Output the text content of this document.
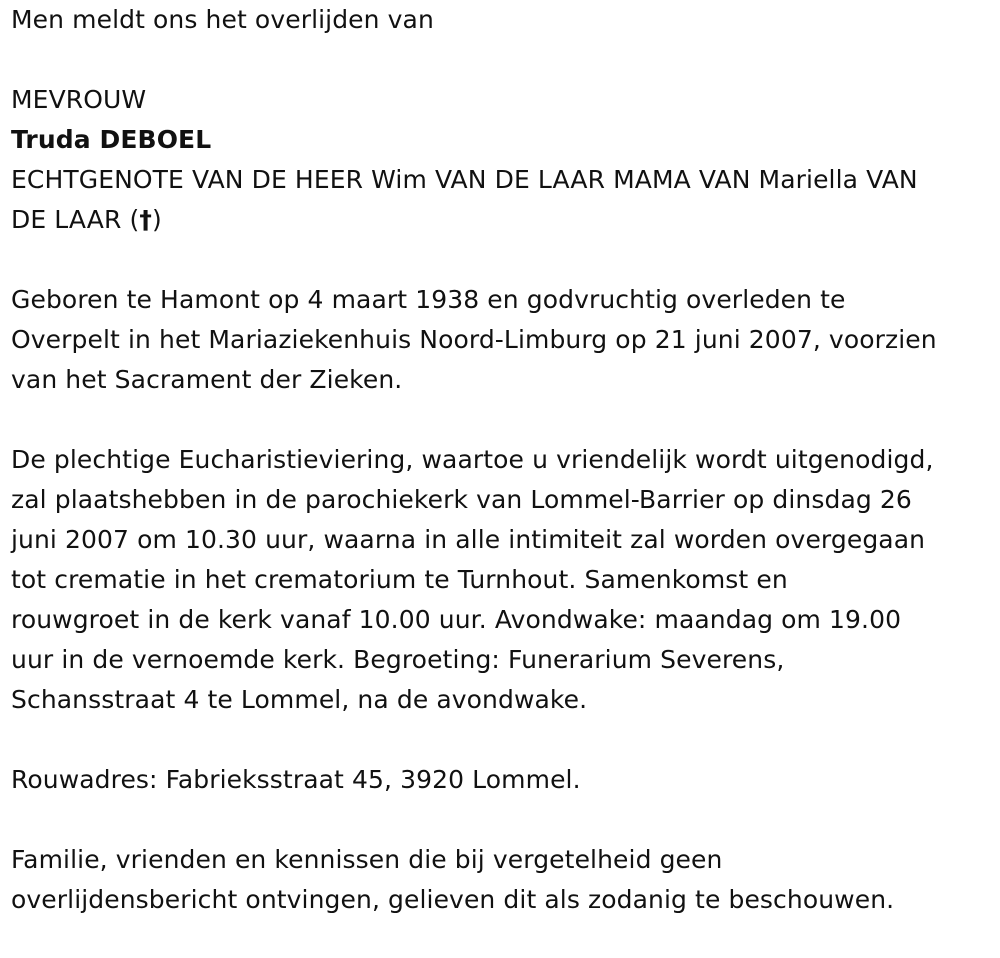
Men meldt ons het overlijden van
MEVROUW
Truda DEBOEL
ECHTGENOTE VAN DE HEER Wim VAN DE LAAR MAMA VAN Mariella VAN
DE LAAR (†)
Geboren te Hamont op 4 maart 1938 en godvruchtig overleden te
Overpelt in het Mariaziekenhuis Noord-Limburg op 21 juni 2007, voorzien
van het Sacrament der Zieken.
De plechtige Eucharistieviering, waartoe u vriendelijk wordt uitgenodigd,
zal plaatshebben in de parochiekerk van Lommel-Barrier op dinsdag 26
juni 2007 om 10.30 uur, waarna in alle intimiteit zal worden overgegaan
tot crematie in het crematorium te Turnhout. Samenkomst en
rouwgroet in de kerk vanaf 10.00 uur. Avondwake: maandag om 19.00
uur in de vernoemde kerk. Begroeting: Funerarium Severens,
Schansstraat 4 te Lommel, na de avondwake.
Rouwadres: Fabrieksstraat 45, 3920 Lommel.
Familie, vrienden en kennissen die bij vergetelheid geen
overlijdensbericht ontvingen, gelieven dit als zodanig te beschouwen.
